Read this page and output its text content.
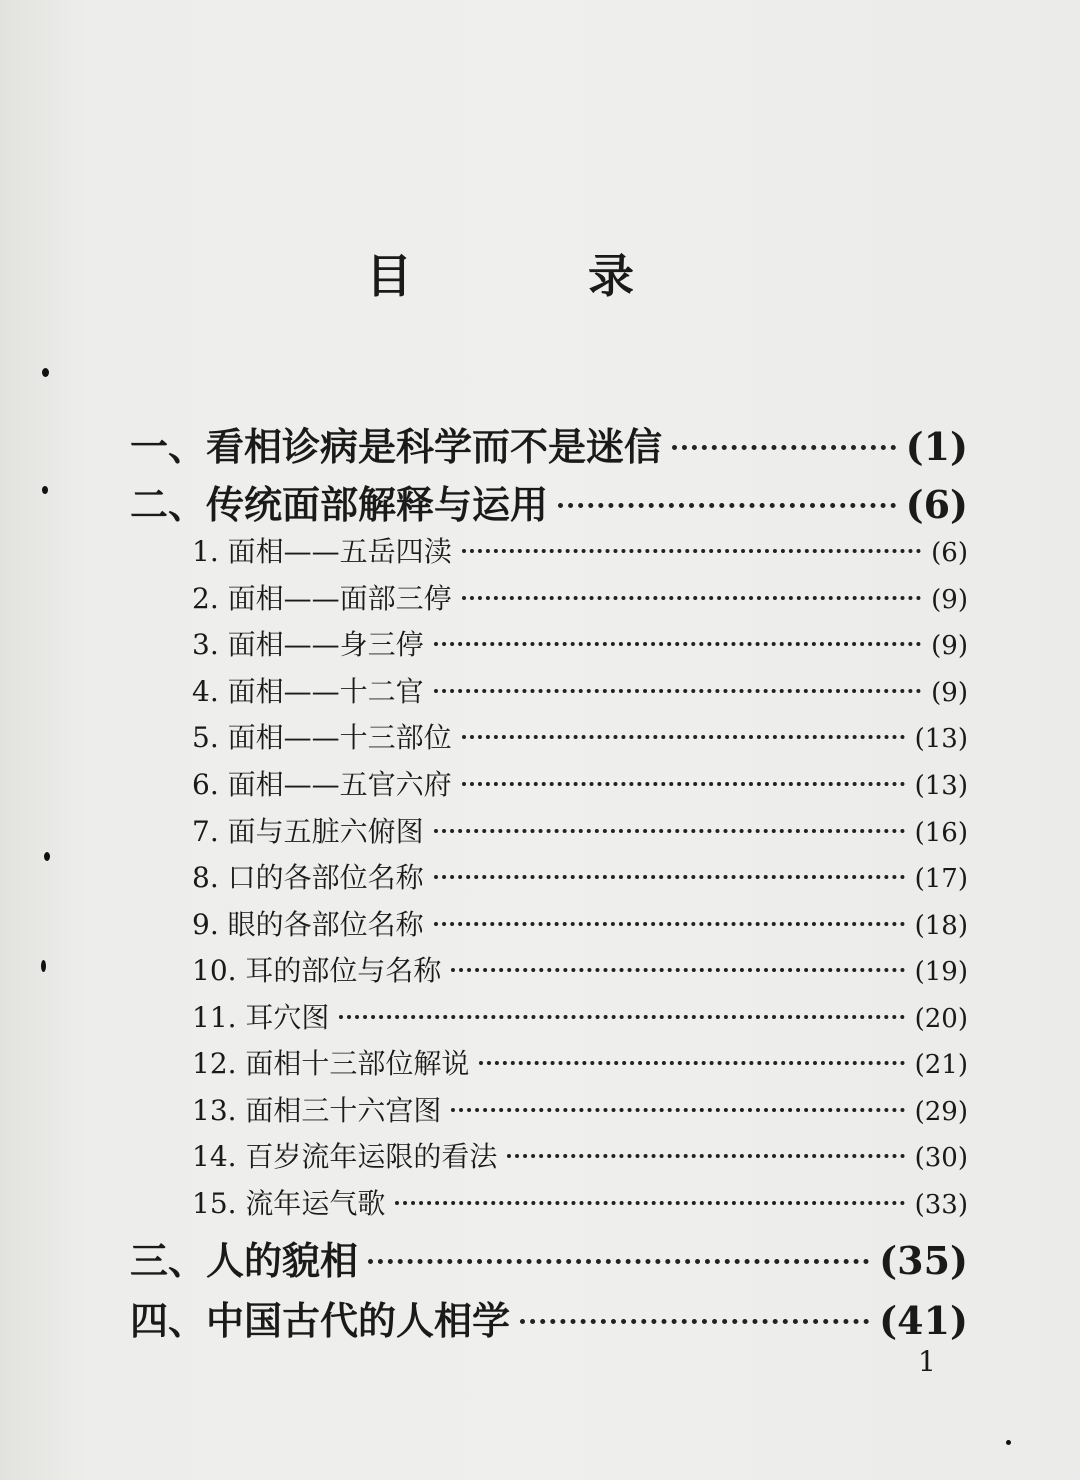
目 录
一、看相诊病是科学而不是迷信	(1)
二、传统面部解释与运用	(6)
1. 面相——五岳四渎	(6)
2. 面相——面部三停	(9)
3. 面相——身三停	(9)
4. 面相——十二官	(9)
5. 面相——十三部位	(13)
6. 面相——五官六府	(13)
7. 面与五脏六俯图	(16)
8. 口的各部位名称	(17)
9. 眼的各部位名称	(18)
10. 耳的部位与名称	(19)
11. 耳穴图	(20)
12. 面相十三部位解说	(21)
13. 面相三十六宫图	(29)
14. 百岁流年运限的看法	(30)
15. 流年运气歌	(33)
三、人的貌相	(35)
四、中国古代的人相学	(41)
1
